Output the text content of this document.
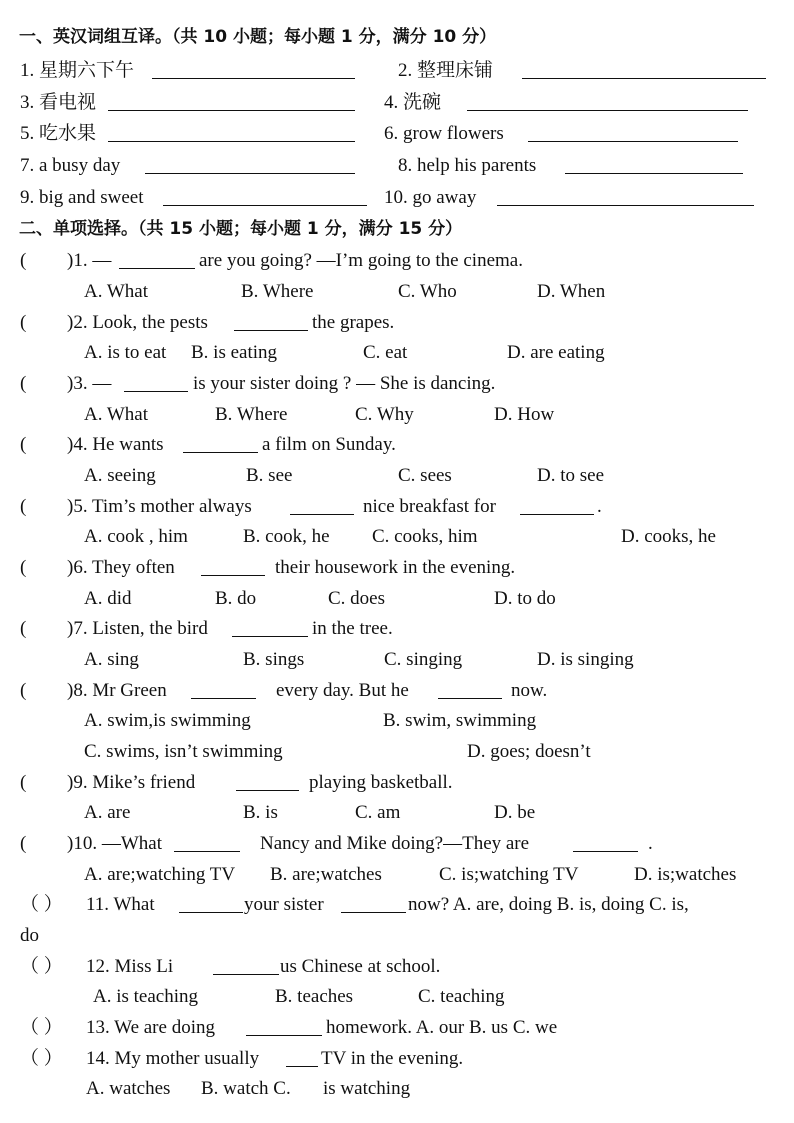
一、英汉词组互译。（共 10 小题；每小题 1 分，满分 10 分）
1. 星期六下午	2. 整理床铺
3. 看电视	4. 洗碗
5. 吃水果	6. grow flowers
7. a busy day	8. help his parents
9. big and sweet	10. go away
二、单项选择。（共 15 小题；每小题 1 分，满分 15 分）
( )1. —	are you going? —I’m going to the cinema.
A. What	B. Where	C. Who	D. When
( )2. Look, the pests	the grapes.
A. is to eat B. is eating	C. eat	D. are eating
( )3. —	is your sister doing ? — She is dancing.
A. What	B. Where	C. Why	D. How
( )4. He wants	a film on Sunday.
A. seeing	B. see	C. sees	D. to see
( )5. Tim’s mother always	nice breakfast for	.
A. cook , him	B. cook, he C. cooks, him	D. cooks, he
( )6. They often	their housework in the evening.
A. did	B. do	C. does	D. to do
( )7. Listen, the bird	in the tree.
A. sing	B. sings	C. singing	D. is singing
( )8. Mr Green	every day. But he	now.
A. swim,is swimming	B. swim, swimming
C. swims, isn’t swimming	D. goes; doesn’t
( )9. Mike’s friend	playing basketball.
A. are	B. is	C. am	D. be
( )10. —What	Nancy and Mike doing?—They are	.
A. are;watching TV B. are;watches	C. is;watching TV	D. is;watches
（ ） 11. What	your sister	now? A. are, doing B. is, doing C. is,
do
（ ） 12. Miss Li	us Chinese at school.
A. is teaching	B. teaches	C. teaching
（ ） 13. We are doing	homework. A. our B. us C. we
（ ） 14. My mother usually	TV in the evening.
A. watches B. watch C. is watching
